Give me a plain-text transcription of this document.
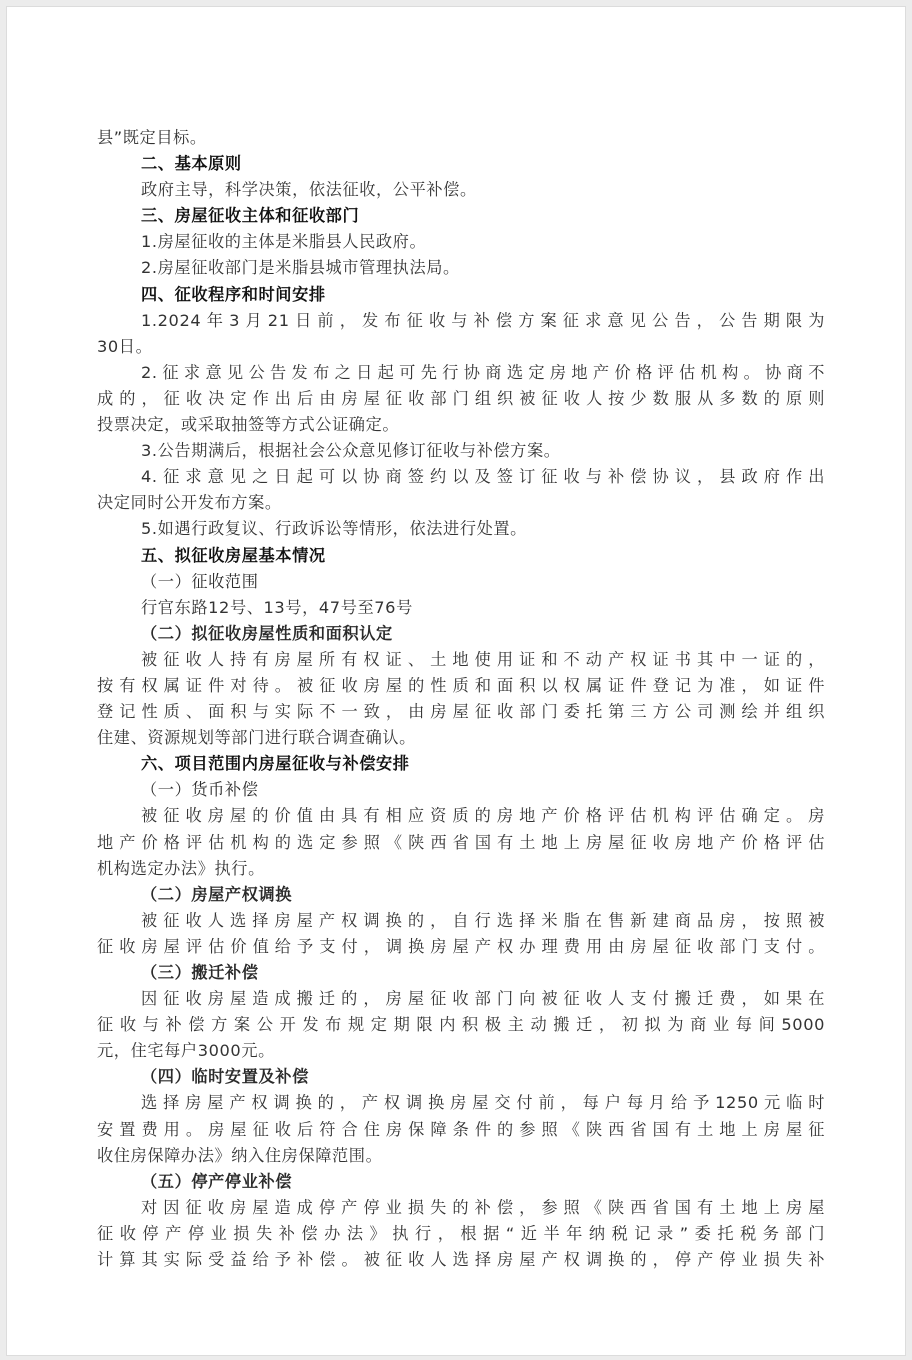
县”既定目标。
二、基本原则
政府主导，科学决策，依法征收，公平补偿。
三、房屋征收主体和征收部门
1.房屋征收的主体是米脂县人民政府。
2.房屋征收部门是米脂县城市管理执法局。
四、征收程序和时间安排
1.2024年3月21日前，发布征收与补偿方案征求意见公告，公告期限为
30日。
2.征求意见公告发布之日起可先行协商选定房地产价格评估机构。协商不
成的，征收决定作出后由房屋征收部门组织被征收人按少数服从多数的原则
投票决定，或采取抽签等方式公证确定。
3.公告期满后，根据社会公众意见修订征收与补偿方案。
4.征求意见之日起可以协商签约以及签订征收与补偿协议，县政府作出
决定同时公开发布方案。
5.如遇行政复议、行政诉讼等情形，依法进行处置。
五、拟征收房屋基本情况
（一）征收范围
行官东路12号、13号，47号至76号
（二）拟征收房屋性质和面积认定
被征收人持有房屋所有权证、土地使用证和不动产权证书其中一证的，
按有权属证件对待。被征收房屋的性质和面积以权属证件登记为准，如证件
登记性质、面积与实际不一致，由房屋征收部门委托第三方公司测绘并组织
住建、资源规划等部门进行联合调查确认。
六、项目范围内房屋征收与补偿安排
（一）货币补偿
被征收房屋的价值由具有相应资质的房地产价格评估机构评估确定。房
地产价格评估机构的选定参照《陕西省国有土地上房屋征收房地产价格评估
机构选定办法》执行。
（二）房屋产权调换
被征收人选择房屋产权调换的，自行选择米脂在售新建商品房，按照被
征收房屋评估价值给予支付，调换房屋产权办理费用由房屋征收部门支付。
（三）搬迁补偿
因征收房屋造成搬迁的，房屋征收部门向被征收人支付搬迁费，如果在
征收与补偿方案公开发布规定期限内积极主动搬迁，初拟为商业每间5000
元，住宅每户3000元。
（四）临时安置及补偿
选择房屋产权调换的，产权调换房屋交付前，每户每月给予1250元临时
安置费用。房屋征收后符合住房保障条件的参照《陕西省国有土地上房屋征
收住房保障办法》纳入住房保障范围。
（五）停产停业补偿
对因征收房屋造成停产停业损失的补偿，参照《陕西省国有土地上房屋
征收停产停业损失补偿办法》执行，根据“近半年纳税记录”委托税务部门
计算其实际受益给予补偿。被征收人选择房屋产权调换的，停产停业损失补
